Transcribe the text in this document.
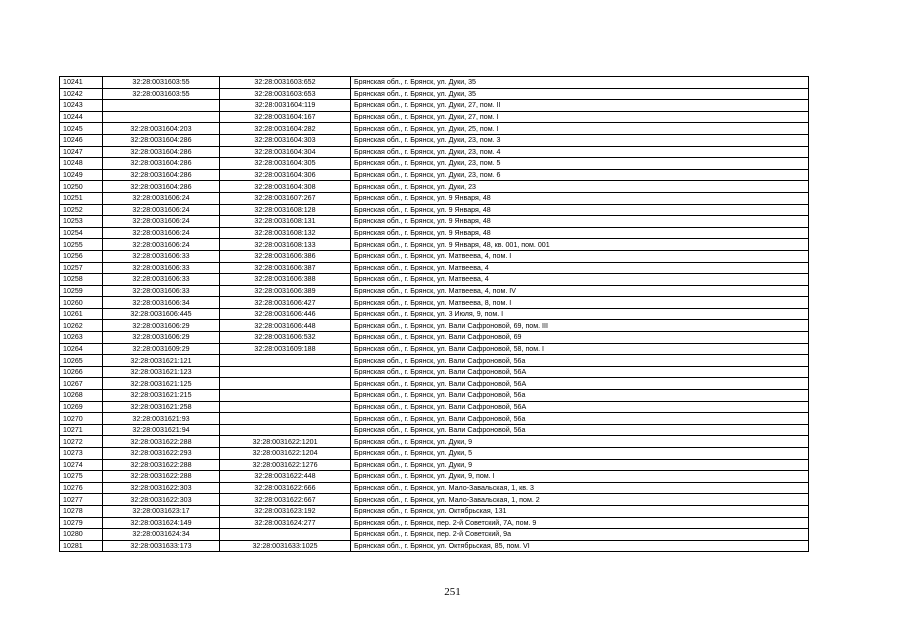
10241	32:28:0031603:55	32:28:0031603:652	Брянская обл., г. Брянск, ул. Дуки, 35
10242	32:28:0031603:55	32:28:0031603:653	Брянская обл., г. Брянск, ул. Дуки, 35
10243		32:28:0031604:119	Брянская обл., г. Брянск, ул. Дуки, 27, пом. II
10244		32:28:0031604:167	Брянская обл., г. Брянск, ул. Дуки, 27, пом. I
10245	32:28:0031604:203	32:28:0031604:282	Брянская обл., г. Брянск, ул. Дуки, 25, пом. I
10246	32:28:0031604:286	32:28:0031604:303	Брянская обл., г. Брянск, ул. Дуки, 23, пом. 3
10247	32:28:0031604:286	32:28:0031604:304	Брянская обл., г. Брянск, ул. Дуки, 23, пом. 4
10248	32:28:0031604:286	32:28:0031604:305	Брянская обл., г. Брянск, ул. Дуки, 23, пом. 5
10249	32:28:0031604:286	32:28:0031604:306	Брянская обл., г. Брянск, ул. Дуки, 23, пом. 6
10250	32:28:0031604:286	32:28:0031604:308	Брянская обл., г. Брянск, ул. Дуки, 23
10251	32:28:0031606:24	32:28:0031607:267	Брянская обл., г. Брянск, ул. 9 Января, 48
10252	32:28:0031606:24	32:28:0031608:128	Брянская обл., г. Брянск, ул. 9 Января, 48
10253	32:28:0031606:24	32:28:0031608:131	Брянская обл., г. Брянск, ул. 9 Января, 48
10254	32:28:0031606:24	32:28:0031608:132	Брянская обл., г. Брянск, ул. 9 Января, 48
10255	32:28:0031606:24	32:28:0031608:133	Брянская обл., г. Брянск, ул. 9 Января, 48, кв. 001, пом. 001
10256	32:28:0031606:33	32:28:0031606:386	Брянская обл., г. Брянск, ул. Матвеева, 4, пом. I
10257	32:28:0031606:33	32:28:0031606:387	Брянская обл., г. Брянск, ул. Матвеева, 4
10258	32:28:0031606:33	32:28:0031606:388	Брянская обл., г. Брянск, ул. Матвеева, 4
10259	32:28:0031606:33	32:28:0031606:389	Брянская обл., г. Брянск, ул. Матвеева, 4, пом. IV
10260	32:28:0031606:34	32:28:0031606:427	Брянская обл., г. Брянск, ул. Матвеева, 8, пом. I
10261	32:28:0031606:445	32:28:0031606:446	Брянская обл., г. Брянск, ул. 3 Июля, 9, пом. I
10262	32:28:0031606:29	32:28:0031606:448	Брянская обл., г. Брянск, ул. Вали Сафроновой, 69, пом. III
10263	32:28:0031606:29	32:28:0031606:532	Брянская обл., г. Брянск, ул. Вали Сафроновой, 69
10264	32:28:0031609:29	32:28:0031609:188	Брянская обл., г. Брянск, ул. Вали Сафроновой, 58, пом. I
10265	32:28:0031621:121		Брянская обл., г. Брянск, ул. Вали Сафроновой, 56а
10266	32:28:0031621:123		Брянская обл., г. Брянск, ул. Вали Сафроновой, 56А
10267	32:28:0031621:125		Брянская обл., г. Брянск, ул. Вали Сафроновой, 56А
10268	32:28:0031621:215		Брянская обл., г. Брянск, ул. Вали Сафроновой, 56а
10269	32:28:0031621:258		Брянская обл., г. Брянск, ул. Вали Сафроновой, 56А
10270	32:28:0031621:93		Брянская обл., г. Брянск, ул. Вали Сафроновой, 56а
10271	32:28:0031621:94		Брянская обл., г. Брянск, ул. Вали Сафроновой, 56а
10272	32:28:0031622:288	32:28:0031622:1201	Брянская обл., г. Брянск, ул. Дуки, 9
10273	32:28:0031622:293	32:28:0031622:1204	Брянская обл., г. Брянск, ул. Дуки, 5
10274	32:28:0031622:288	32:28:0031622:1276	Брянская обл., г. Брянск, ул. Дуки, 9
10275	32:28:0031622:288	32:28:0031622:448	Брянская обл., г. Брянск, ул. Дуки, 9, пом. I
10276	32:28:0031622:303	32:28:0031622:666	Брянская обл., г. Брянск, ул. Мало-Завальская, 1, кв. 3
10277	32:28:0031622:303	32:28:0031622:667	Брянская обл., г. Брянск, ул. Мало-Завальская, 1, пом. 2
10278	32:28:0031623:17	32:28:0031623:192	Брянская обл., г. Брянск, ул. Октябрьская, 131
10279	32:28:0031624:149	32:28:0031624:277	Брянская обл., г. Брянск, пер. 2-й Советский, 7А, пом. 9
10280	32:28:0031624:34		Брянская обл., г. Брянск, пер. 2-й Советский, 9а
10281	32:28:0031633:173	32:28:0031633:1025	Брянская обл., г. Брянск, ул. Октябрьская, 85, пом. VI
251
